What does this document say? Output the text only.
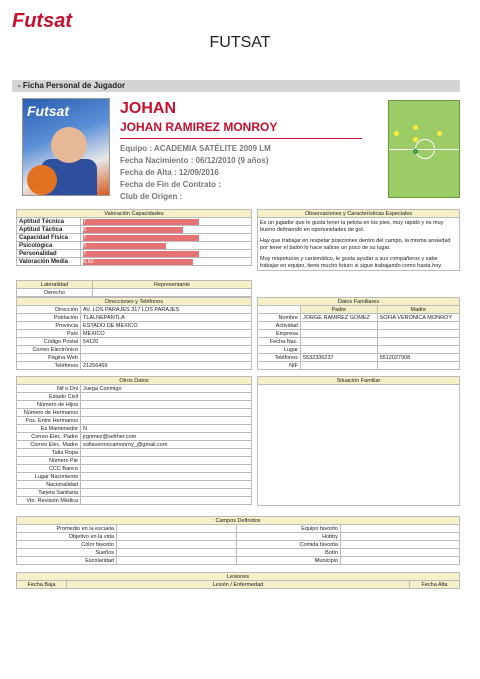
Futsat
FUTSAT
- Ficha Personal de Jugador
Futsat	JOHAN
JOHAN RAMIREZ MONROY
Equipo : ACADEMIA SATÉLITE 2009 LM
Fecha Nacimiento : 06/12/2010 (9 años)
Fecha de Alta : 12/09/2016
Fecha de Fin de Contrato :
Club de Origen :
Valoración Capacidades	
Aptitud Técnica	7

Aptitud Táctica	6

Capacidad Física	7

Psicológica	5

Personalidad	7

Valoración Media	6.60
Observaciones y Características Especiales
Es un jugador que le gusta tener la pelota en los pies, muy rápido y es muy bueno definiendo en oportunidades de gol.
Hay que trabajar en respetar posiciones dentro del campo, la misma ansiedad por tener el balón lo hace salirse un poco de su lugar.
Muy respetuoso y carismático, le gusta ayudar a sus compañeros y sabe trabajar en equipo, tiene mucho futuro si sigue trabajando como hasta hoy.
Lateralidad	Representante
Derecho	
Direcciones y Teléfonos	
Dirección	AV. LOS PARAJES 317 LOS PARAJES
Población	TLALNEPANTLA
Provincia	ESTADO DE MEXICO
País	MEXICO
Código Postal	54120
Correo Electrónico	
Página Web	
Teléfonos	21256469
Datos Familiares		
	Padre	Madre
Nombre	JORGE RAMIREZ GOMEZ	SOFIA VERONICA MONROY
Actividad		
Empresa		
Fecha Nac.		
Lugar		
Teléfonos	5532336237	5512027908
NIF		
Otros Datos	
Nif o Dni	Juega Conmigo
Estado Civil	
Número de Hijos	
Número de Hermanos	
Pos. Entre Hermanos	
Es Mantenedor	N
Correo Elec. Padre	jrgomez@selther.com
Correo Elec. Madre	sofiaveronicamonroy_@gmail.com
Talla Ropa	
Número Pie	
CCC Banco	
Lugar Nacimiento	
Nacionalidad	
Tarjeta Sanitaria	
Vto. Revisión Médica	
Situación Familiar
Campos Definidos			
Promedio en la escuela		Equipo favorito	
Objetivo en la vida		Hobby	
Color favorito		Comida favorita	
Sueños		Botín	
Escolaridad		Municipio	
Lesiones
Fecha Baja	Lesión / Enfermedad	Fecha Alta
